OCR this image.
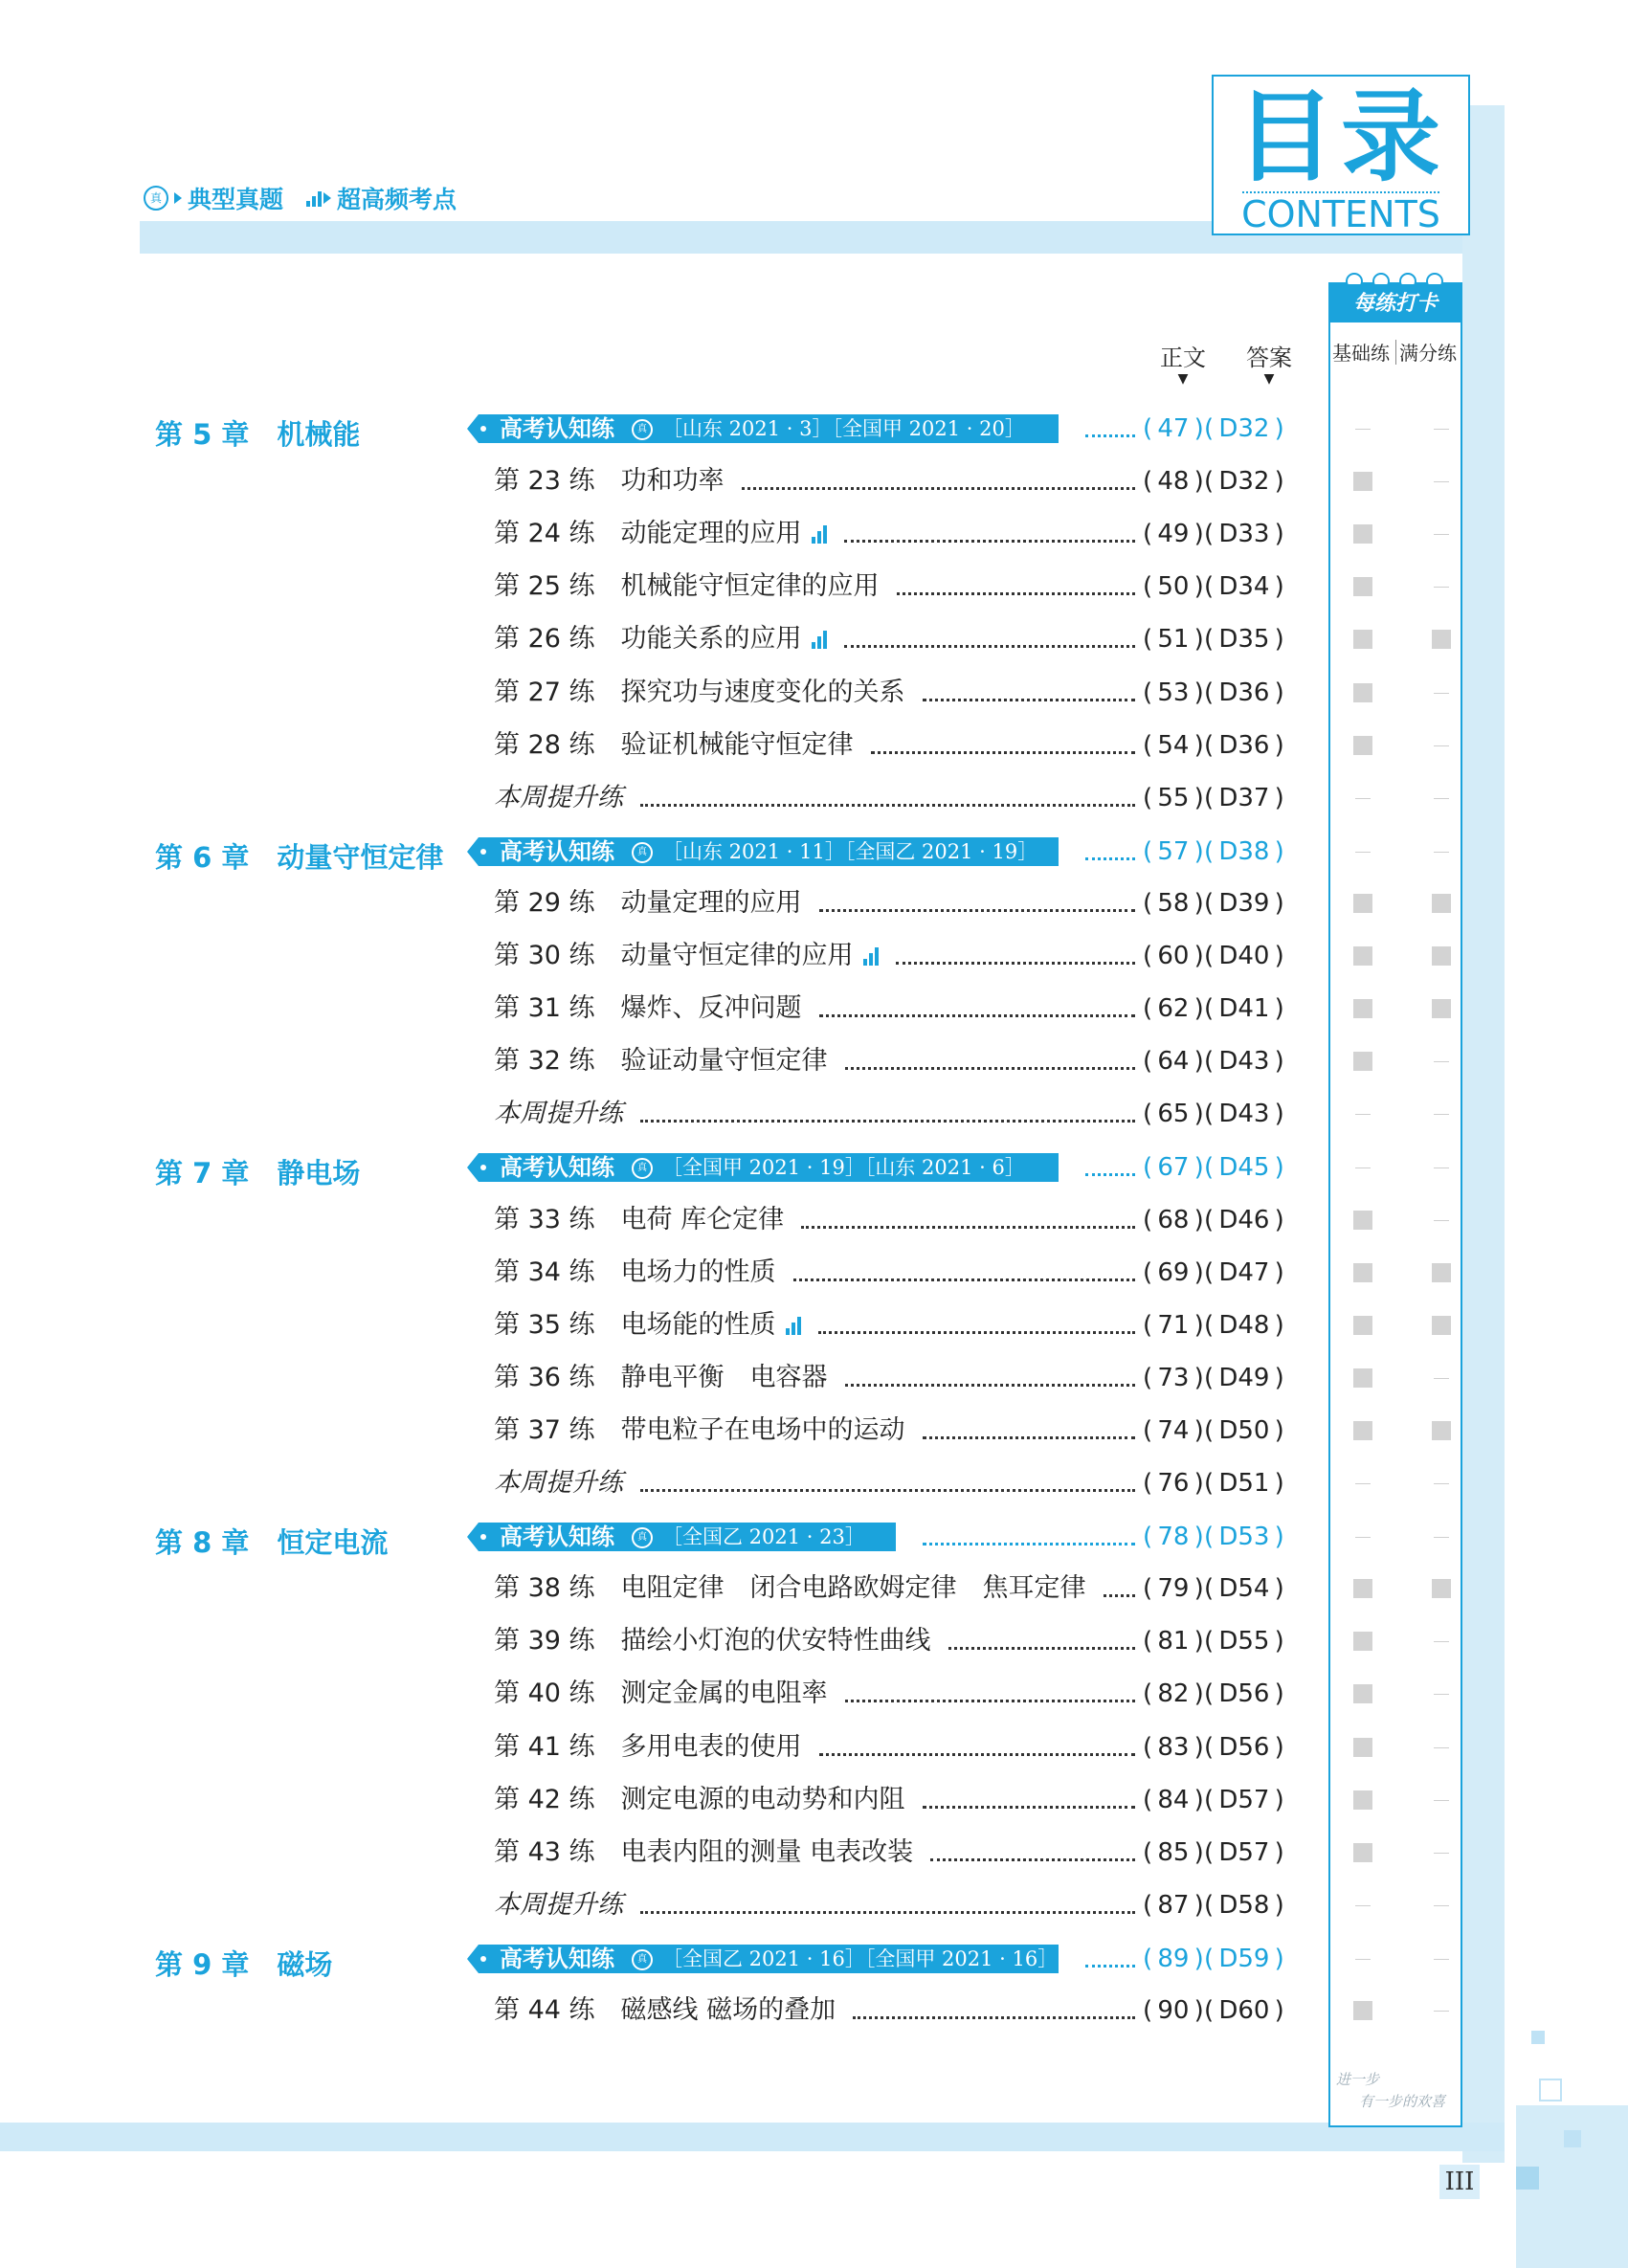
真 典型真题 超高频考点
目录
CONTENTS
正文
▼
答案
▼
每练打卡
基础练 满分练
进一步
有一步的欢喜
III
第 5 章　机械能	高考认知练	真 ［山东 2021 · 3］［全国甲 2021 · 20］	( 47 ) ( D32 )
第 23 练　功和功率	( 48 ) ( D32 )
第 24 练　动能定理的应用	( 49 ) ( D33 )
第 25 练　机械能守恒定律的应用	( 50 ) ( D34 )
第 26 练　功能关系的应用	( 51 ) ( D35 )
第 27 练　探究功与速度变化的关系	( 53 ) ( D36 )
第 28 练　验证机械能守恒定律	( 54 ) ( D36 )
本周提升练	( 55 ) ( D37 )
第 6 章　动量守恒定律 高考认知练	真 ［山东 2021 · 11］［全国乙 2021 · 19］	( 57 ) ( D38 )
第 29 练　动量定理的应用	( 58 ) ( D39 )
第 30 练　动量守恒定律的应用	( 60 ) ( D40 )
第 31 练　爆炸、反冲问题	( 62 ) ( D41 )
第 32 练　验证动量守恒定律	( 64 ) ( D43 )
本周提升练	( 65 ) ( D43 )
第 7 章　静电场	高考认知练	真 ［全国甲 2021 · 19］［山东 2021 · 6］	( 67 ) ( D45 )
第 33 练　电荷 库仑定律	( 68 ) ( D46 )
第 34 练　电场力的性质	( 69 ) ( D47 )
第 35 练　电场能的性质	( 71 ) ( D48 )
第 36 练　静电平衡　电容器	( 73 ) ( D49 )
第 37 练　带电粒子在电场中的运动	( 74 ) ( D50 )
本周提升练	( 76 ) ( D51 )
第 8 章　恒定电流	高考认知练	真 ［全国乙 2021 · 23］	( 78 ) ( D53 )
第 38 练　电阻定律　闭合电路欧姆定律　焦耳定律 ( 79 ) ( D54 )
第 39 练　描绘小灯泡的伏安特性曲线	( 81 ) ( D55 )
第 40 练　测定金属的电阻率	( 82 ) ( D56 )
第 41 练　多用电表的使用	( 83 ) ( D56 )
第 42 练　测定电源的电动势和内阻	( 84 ) ( D57 )
第 43 练　电表内阻的测量 电表改装	( 85 ) ( D57 )
本周提升练	( 87 ) ( D58 )
第 9 章　磁场	高考认知练	真 ［全国乙 2021 · 16］［全国甲 2021 · 16］	( 89 ) ( D59 )
第 44 练　磁感线 磁场的叠加	( 90 ) ( D60 )
